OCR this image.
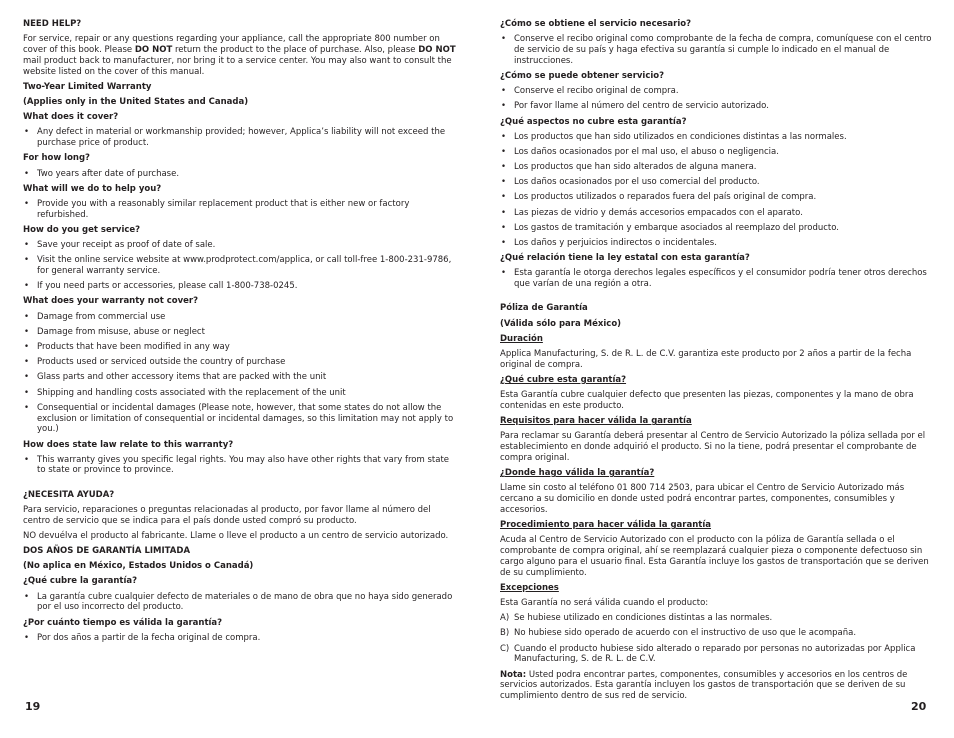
NEED HELP?

For service, repair or any questions regarding your appliance, call the appropriate 800 number on cover of this book. Please DO NOT return the product to the place of purchase. Also, please DO NOT mail product back to manufacturer, nor bring it to a service center. You may also want to consult the website listed on the cover of this manual.

Two-Year Limited Warranty

(Applies only in the United States and Canada)

What does it cover?

• Any defect in material or workmanship provided; however, Applica’s liability will not exceed the purchase price of product.

For how long?

• Two years after date of purchase.

What will we do to help you?

• Provide you with a reasonably similar replacement product that is either new or factory refurbished.

How do you get service?

• Save your receipt as proof of date of sale.

• Visit the online service website at www.prodprotect.com/applica, or call toll-free 1-800-231-9786, for general warranty service.

• If you need parts or accessories, please call 1-800-738-0245.

What does your warranty not cover?

• Damage from commercial use

• Damage from misuse, abuse or neglect

• Products that have been modified in any way

• Products used or serviced outside the country of purchase

• Glass parts and other accessory items that are packed with the unit

• Shipping and handling costs associated with the replacement of the unit

• Consequential or incidental damages (Please note, however, that some states do not allow the exclusion or limitation of consequential or incidental damages, so this limitation may not apply to you.)

How does state law relate to this warranty?

• This warranty gives you specific legal rights. You may also have other rights that vary from state to state or province to province.

¿NECESITA AYUDA?

Para servicio, reparaciones o preguntas relacionadas al producto, por favor llame al número del centro de servicio que se indica para el país donde usted compró su producto.

NO devuélva el producto al fabricante. Llame o lleve el producto a un centro de servicio autorizado.

DOS AÑOS DE GARANTÍA LIMITADA

(No aplica en México, Estados Unidos o Canadá)

¿Qué cubre la garantía?

• La garantía cubre cualquier defecto de materiales o de mano de obra que no haya sido generado por el uso incorrecto del producto.

¿Por cuánto tiempo es válida la garantía?

• Por dos años a partir de la fecha original de compra.

¿Cómo se obtiene el servicio necesario?

• Conserve el recibo original como comprobante de la fecha de compra, comuníquese con el centro de servicio de su país y haga efectiva su garantía si cumple lo indicado en el manual de instrucciones.

¿Cómo se puede obtener servicio?

• Conserve el recibo original de compra.

• Por favor llame al número del centro de servicio autorizado.

¿Qué aspectos no cubre esta garantía?

• Los productos que han sido utilizados en condiciones distintas a las normales.

• Los daños ocasionados por el mal uso, el abuso o negligencia.

• Los productos que han sido alterados de alguna manera.

• Los daños ocasionados por el uso comercial del producto.

• Los productos utilizados o reparados fuera del país original de compra.

• Las piezas de vidrio y demás accesorios empacados con el aparato.

• Los gastos de tramitación y embarque asociados al reemplazo del producto.

• Los daños y perjuicios indirectos o incidentales.

¿Qué relación tiene la ley estatal con esta garantía?

• Esta garantía le otorga derechos legales específicos y el consumidor podría tener otros derechos que varían de una región a otra.

Póliza de Garantía

(Válida sólo para México)

Duración

Applica Manufacturing, S. de R. L. de C.V. garantiza este producto por 2 años a partir de la fecha original de compra.

¿Qué cubre esta garantía?

Esta Garantía cubre cualquier defecto que presenten las piezas, componentes y la mano de obra contenidas en este producto.

Requisitos para hacer válida la garantía

Para reclamar su Garantía deberá presentar al Centro de Servicio Autorizado la póliza sellada por el establecimiento en donde adquirió el producto. Si no la tiene, podrá presentar el comprobante de compra original.

¿Donde hago válida la garantía?

Llame sin costo al teléfono 01 800 714 2503, para ubicar el Centro de Servicio Autorizado más cercano a su domicilio en donde usted podrá encontrar partes, componentes, consumibles y accesorios.

Procedimiento para hacer válida la garantía

Acuda al Centro de Servicio Autorizado con el producto con la póliza de Garantía sellada o el comprobante de compra original, ahí se reemplazará cualquier pieza o componente defectuoso sin cargo alguno para el usuario final. Esta Garantía incluye los gastos de transportación que se deriven de su cumplimiento.

Excepciones

Esta Garantía no será válida cuando el producto:

A) Se hubiese utilizado en condiciones distintas a las normales.

B) No hubiese sido operado de acuerdo con el instructivo de uso que le acompaña.

C) Cuando el producto hubiese sido alterado o reparado por personas no autorizadas por Applica Manufacturing, S. de R. L. de C.V.

Nota: Usted podra encontrar partes, componentes, consumibles y accesorios en los centros de servicios autorizados. Esta garantía incluyen los gastos de transportación que se deriven de su cumplimiento dentro de sus red de servicio.

19	20
